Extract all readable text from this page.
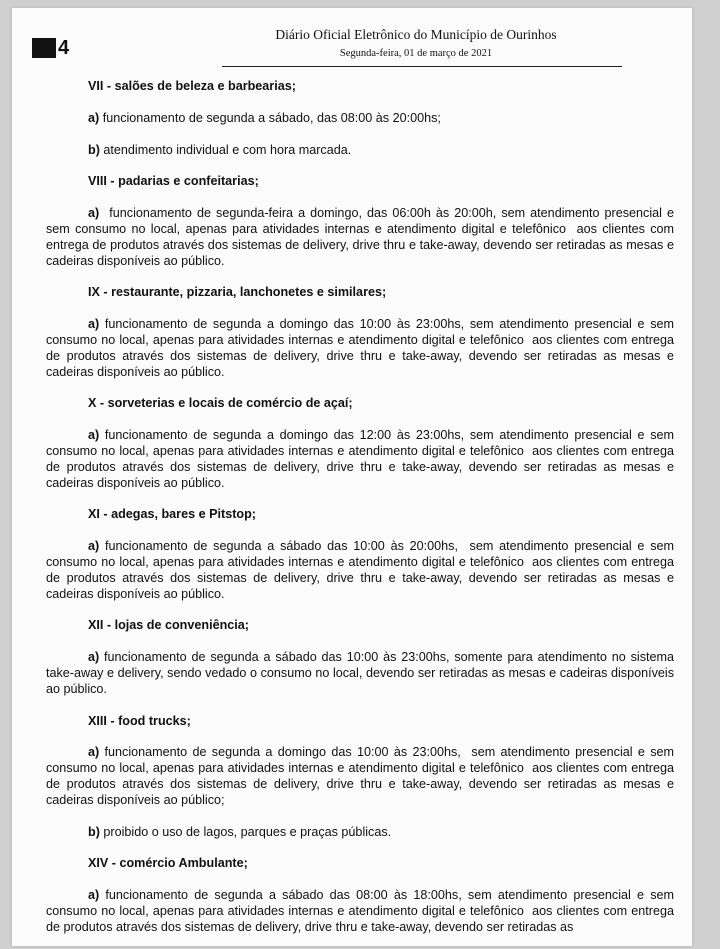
4
Diário Oficial Eletrônico do Município de Ourinhos
Segunda-feira, 01 de março de 2021
VII - salões de beleza e barbearias;
a) funcionamento de segunda a sábado, das 08:00 às 20:00hs;
b) atendimento individual e com hora marcada.
VIII - padarias e confeitarias;
a)  funcionamento de segunda-feira a domingo, das 06:00h às 20:00h, sem atendimento presencial e sem consumo no local, apenas para atividades internas e atendimento digital e telefônico  aos clientes com entrega de produtos através dos sistemas de delivery, drive thru e take-away, devendo ser retiradas as mesas e cadeiras disponíveis ao público.
IX - restaurante, pizzaria, lanchonetes e similares;
a) funcionamento de segunda a domingo das 10:00 às 23:00hs, sem atendimento presencial e sem consumo no local, apenas para atividades internas e atendimento digital e telefônico  aos clientes com entrega de produtos através dos sistemas de delivery, drive thru e take-away, devendo ser retiradas as mesas e cadeiras disponíveis ao público.
X - sorveterias e locais de comércio de açaí;
a) funcionamento de segunda a domingo das 12:00 às 23:00hs, sem atendimento presencial e sem consumo no local, apenas para atividades internas e atendimento digital e telefônico  aos clientes com entrega de produtos através dos sistemas de delivery, drive thru e take-away, devendo ser retiradas as mesas e cadeiras disponíveis ao público.
XI - adegas, bares e Pitstop;
a) funcionamento de segunda a sábado das 10:00 às 20:00hs,  sem atendimento presencial e sem consumo no local, apenas para atividades internas e atendimento digital e telefônico  aos clientes com entrega de produtos através dos sistemas de delivery, drive thru e take-away, devendo ser retiradas as mesas e cadeiras disponíveis ao público.
XII - lojas de conveniência;
a) funcionamento de segunda a sábado das 10:00 às 23:00hs, somente para atendimento no sistema take-away e delivery, sendo vedado o consumo no local, devendo ser retiradas as mesas e cadeiras disponíveis ao público.
XIII - food trucks;
a) funcionamento de segunda a domingo das 10:00 às 23:00hs,  sem atendimento presencial e sem consumo no local, apenas para atividades internas e atendimento digital e telefônico  aos clientes com entrega de produtos através dos sistemas de delivery, drive thru e take-away, devendo ser retiradas as mesas e cadeiras disponíveis ao público;
b) proibido o uso de lagos, parques e praças públicas.
XIV - comércio Ambulante;
a) funcionamento de segunda a sábado das 08:00 às 18:00hs, sem atendimento presencial e sem consumo no local, apenas para atividades internas e atendimento digital e telefônico  aos clientes com entrega de produtos através dos sistemas de delivery, drive thru e take-away, devendo ser retiradas as
